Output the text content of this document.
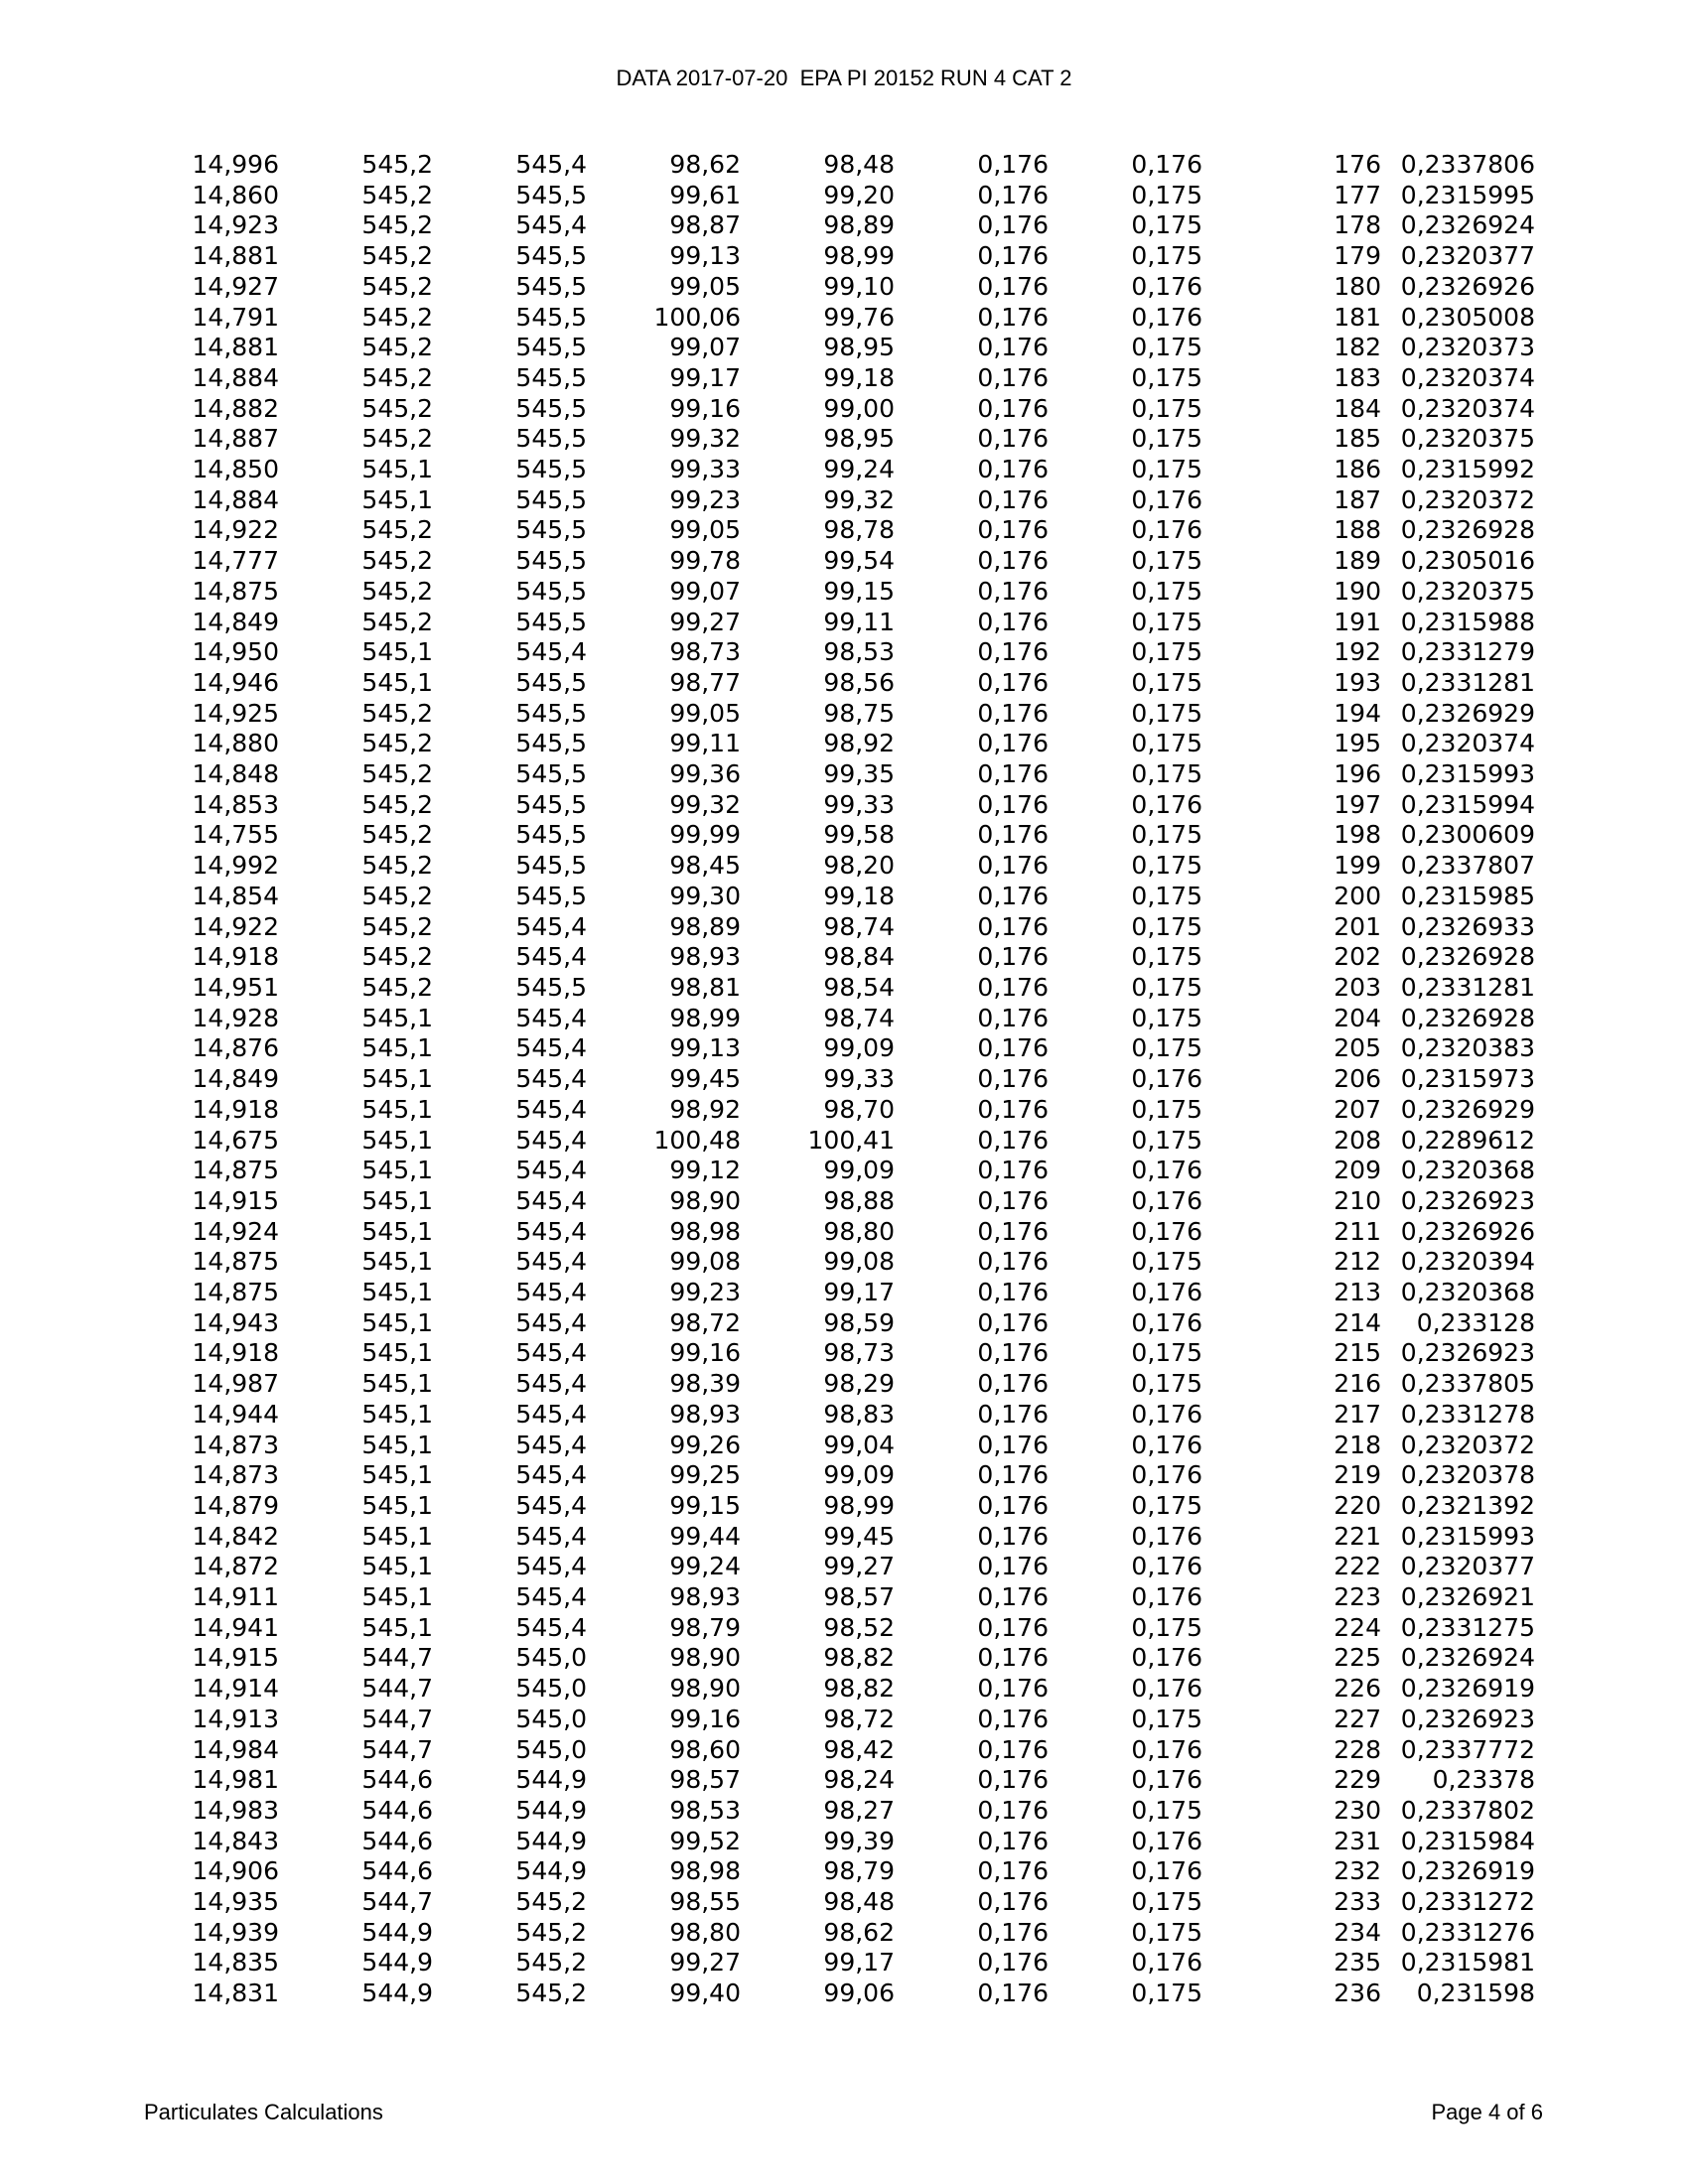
DATA 2017-07-20  EPA PI 20152 RUN 4 CAT 2
14,996	545,2	545,4	98,62	98,48	0,176	0,176	176	0,2337806
14,860	545,2	545,5	99,61	99,20	0,176	0,175	177	0,2315995
14,923	545,2	545,4	98,87	98,89	0,176	0,175	178	0,2326924
14,881	545,2	545,5	99,13	98,99	0,176	0,175	179	0,2320377
14,927	545,2	545,5	99,05	99,10	0,176	0,176	180	0,2326926
14,791	545,2	545,5	100,06	99,76	0,176	0,176	181	0,2305008
14,881	545,2	545,5	99,07	98,95	0,176	0,175	182	0,2320373
14,884	545,2	545,5	99,17	99,18	0,176	0,175	183	0,2320374
14,882	545,2	545,5	99,16	99,00	0,176	0,175	184	0,2320374
14,887	545,2	545,5	99,32	98,95	0,176	0,175	185	0,2320375
14,850	545,1	545,5	99,33	99,24	0,176	0,175	186	0,2315992
14,884	545,1	545,5	99,23	99,32	0,176	0,176	187	0,2320372
14,922	545,2	545,5	99,05	98,78	0,176	0,176	188	0,2326928
14,777	545,2	545,5	99,78	99,54	0,176	0,175	189	0,2305016
14,875	545,2	545,5	99,07	99,15	0,176	0,175	190	0,2320375
14,849	545,2	545,5	99,27	99,11	0,176	0,175	191	0,2315988
14,950	545,1	545,4	98,73	98,53	0,176	0,175	192	0,2331279
14,946	545,1	545,5	98,77	98,56	0,176	0,175	193	0,2331281
14,925	545,2	545,5	99,05	98,75	0,176	0,175	194	0,2326929
14,880	545,2	545,5	99,11	98,92	0,176	0,175	195	0,2320374
14,848	545,2	545,5	99,36	99,35	0,176	0,175	196	0,2315993
14,853	545,2	545,5	99,32	99,33	0,176	0,176	197	0,2315994
14,755	545,2	545,5	99,99	99,58	0,176	0,175	198	0,2300609
14,992	545,2	545,5	98,45	98,20	0,176	0,175	199	0,2337807
14,854	545,2	545,5	99,30	99,18	0,176	0,175	200	0,2315985
14,922	545,2	545,4	98,89	98,74	0,176	0,175	201	0,2326933
14,918	545,2	545,4	98,93	98,84	0,176	0,175	202	0,2326928
14,951	545,2	545,5	98,81	98,54	0,176	0,175	203	0,2331281
14,928	545,1	545,4	98,99	98,74	0,176	0,175	204	0,2326928
14,876	545,1	545,4	99,13	99,09	0,176	0,175	205	0,2320383
14,849	545,1	545,4	99,45	99,33	0,176	0,176	206	0,2315973
14,918	545,1	545,4	98,92	98,70	0,176	0,175	207	0,2326929
14,675	545,1	545,4	100,48	100,41	0,176	0,175	208	0,2289612
14,875	545,1	545,4	99,12	99,09	0,176	0,176	209	0,2320368
14,915	545,1	545,4	98,90	98,88	0,176	0,176	210	0,2326923
14,924	545,1	545,4	98,98	98,80	0,176	0,176	211	0,2326926
14,875	545,1	545,4	99,08	99,08	0,176	0,175	212	0,2320394
14,875	545,1	545,4	99,23	99,17	0,176	0,176	213	0,2320368
14,943	545,1	545,4	98,72	98,59	0,176	0,176	214	0,233128
14,918	545,1	545,4	99,16	98,73	0,176	0,175	215	0,2326923
14,987	545,1	545,4	98,39	98,29	0,176	0,175	216	0,2337805
14,944	545,1	545,4	98,93	98,83	0,176	0,176	217	0,2331278
14,873	545,1	545,4	99,26	99,04	0,176	0,176	218	0,2320372
14,873	545,1	545,4	99,25	99,09	0,176	0,176	219	0,2320378
14,879	545,1	545,4	99,15	98,99	0,176	0,175	220	0,2321392
14,842	545,1	545,4	99,44	99,45	0,176	0,176	221	0,2315993
14,872	545,1	545,4	99,24	99,27	0,176	0,176	222	0,2320377
14,911	545,1	545,4	98,93	98,57	0,176	0,176	223	0,2326921
14,941	545,1	545,4	98,79	98,52	0,176	0,175	224	0,2331275
14,915	544,7	545,0	98,90	98,82	0,176	0,176	225	0,2326924
14,914	544,7	545,0	98,90	98,82	0,176	0,176	226	0,2326919
14,913	544,7	545,0	99,16	98,72	0,176	0,175	227	0,2326923
14,984	544,7	545,0	98,60	98,42	0,176	0,176	228	0,2337772
14,981	544,6	544,9	98,57	98,24	0,176	0,176	229	0,23378
14,983	544,6	544,9	98,53	98,27	0,176	0,175	230	0,2337802
14,843	544,6	544,9	99,52	99,39	0,176	0,176	231	0,2315984
14,906	544,6	544,9	98,98	98,79	0,176	0,176	232	0,2326919
14,935	544,7	545,2	98,55	98,48	0,176	0,175	233	0,2331272
14,939	544,9	545,2	98,80	98,62	0,176	0,175	234	0,2331276
14,835	544,9	545,2	99,27	99,17	0,176	0,176	235	0,2315981
14,831	544,9	545,2	99,40	99,06	0,176	0,175	236	0,231598
Particulates Calculations	Page 4 of 6
